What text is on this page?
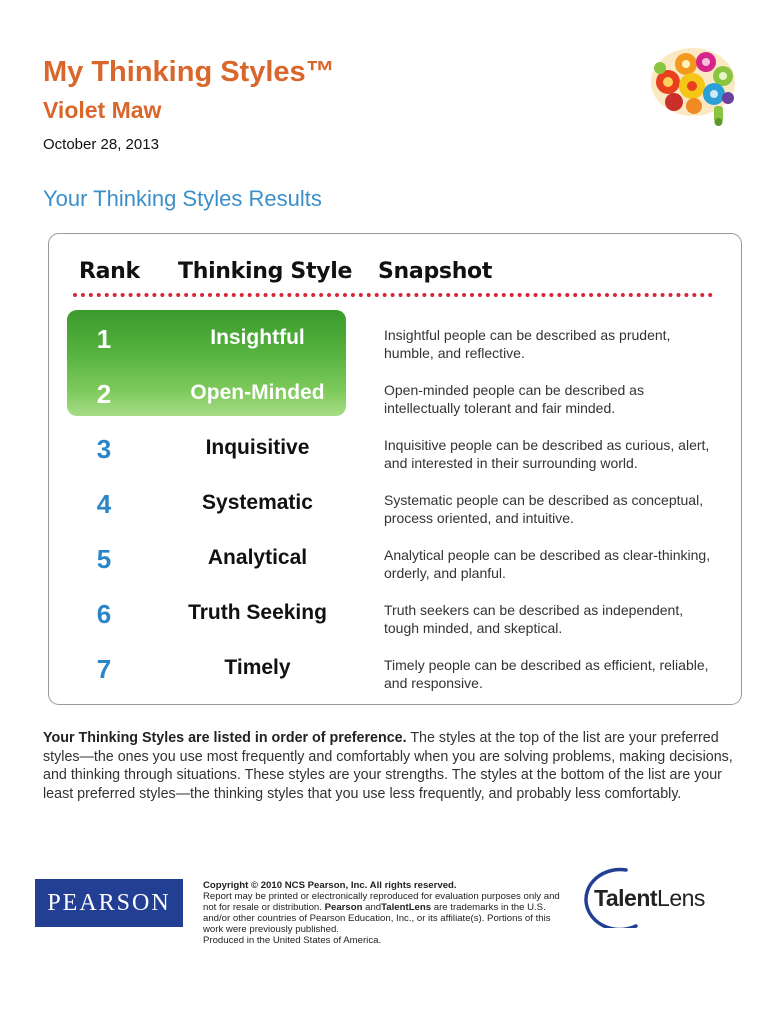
My Thinking Styles™
Violet Maw
October 28, 2013
Your Thinking Styles Results
Rank Thinking Style Snapshot
1	Insightful	Insightful people can be described as prudent, humble, and reflective.
2	Open-Minded	Open-minded people can be described as intellectually tolerant and fair minded.
3	Inquisitive	Inquisitive people can be described as curious, alert, and interested in their surrounding world.
4	Systematic	Systematic people can be described as conceptual, process oriented, and intuitive.
5	Analytical	Analytical people can be described as clear-thinking, orderly, and planful.
6	Truth Seeking	Truth seekers can be described as independent, tough minded, and skeptical.
7	Timely	Timely people can be described as efficient, reliable, and responsive.
Your Thinking Styles are listed in order of preference. The styles at the top of the list are your preferred styles—the ones you use most frequently and comfortably when you are solving problems, making decisions, and thinking through situations. These styles are your strengths. The styles at the bottom of the list are your least preferred styles—the thinking styles that you use less frequently, and probably less comfortably.
PEARSON
Copyright © 2010 NCS Pearson, Inc. All rights reserved.
Report may be printed or electronically reproduced for evaluation purposes only and not for resale or distribution. Pearson andTalentLens are trademarks in the U.S. and/or other countries of Pearson Education, Inc., or its affiliate(s). Portions of this work were previously published.
Produced in the United States of America.
TalentLens
